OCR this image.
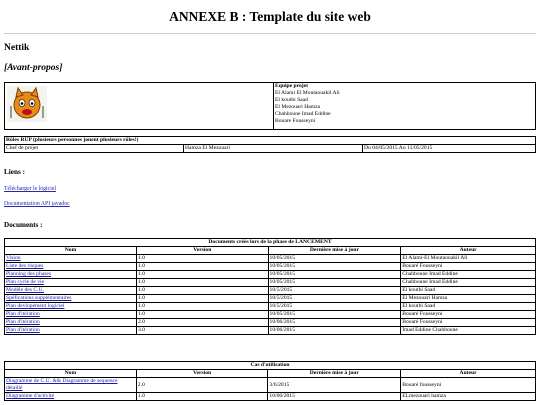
ANNEXE B : Template du site web
Nettik
[Avant-propos]

Equipe projet
El Alami El Moutaouakil Ali
El koutbi Saad
El Mezouari Hamza
Chahboune Imad Eddine
Bouare Fousseyni
Rôles RUP (plusieurs personnes jouent plusieurs rôles!)
Chef de projet	Hamza El Mezouari	Du 04/05/2015 Au 11/05/2015
Liens :
Télécharger le logiciel
Documentation API javadoc
Documents :
Documents créés lors de la phase de LANCEMENT			
Nom	Version	Dernière mise à jour	Auteur
Vision	1.0	10/05/2015	El Alami-El Moutaouakil Ali
Liste des risques	1.0	10/05/2015	Bouaré Fousseyni
Planning des phases	1.0	10/05/2015	Chahboune Imad Eddine
Plan cycle de vie	1.0	10/05/2015	Chahboune Imad Eddine
Modèle des C.U.	1.0	10/5/2015	El koutbi Saad
Spéfications supplémentaires	1.0	10/5/2015	El Mezouari Hamza
Plan devlopement logiciel	1.0	10/5/2015	El koutbi Saad
Plan d'itération	1.0	10/05/2015	Bouaré Fousseyni
Plan d'itération	2.0	10/06/2015	Bouaré Fousseyni
Plan d'itération	3.0	10/06/2015	Imad Eddine Chahboune
Cas d'utilisation			
Nom	Version	Dernière mise à jour	Auteur
Diagramme de C.U. && Diagramme de sequence détaillé	2.0	3/6/2015	Bouaré fousseyni
Diagramme d'activité	1.0	10/06/2015	ELmezouari hamza
